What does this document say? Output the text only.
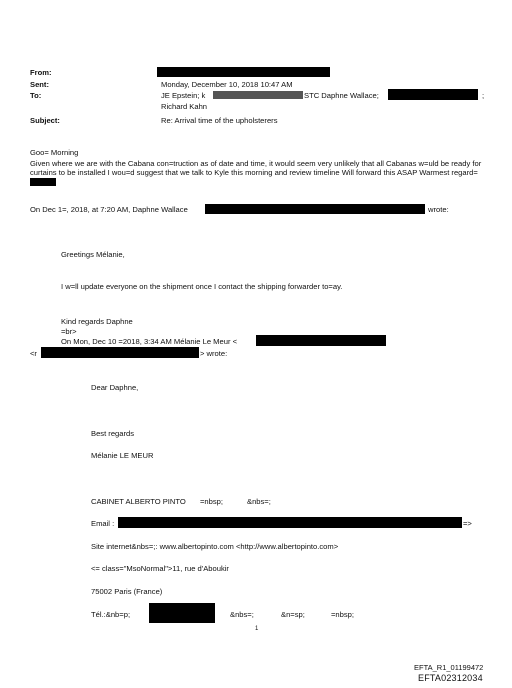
From:
Sent:	Monday, December 10, 2018 10:47 AM
To:	JE Epstein; k	STC Daphne Wallace;	;
Richard Kahn
Subject:	Re: Arrival time of the upholsterers
Goo= Morning
Given where we are with the Cabana con=truction as of date and time, it would seem very unlikely that all Cabanas w=uld be ready for curtains to be installed I wou=d suggest that we talk to Kyle this morning and review timeline Will forward this ASAP Warmest regard=
On Dec 1=, 2018, at 7:20 AM, Daphne Wallace	wrote:
Greetings Mélanie,
I w=ll update everyone on the shipment once I contact the shipping forwarder to=ay.
Kind regards Daphne
=br>
On Mon, Dec 10 =2018, 3:34 AM Mélanie Le Meur <
<r	> wrote:
Dear Daphne,
Best regards
Mélanie LE MEUR
CABINET ALBERTO PINTO =nbsp;	&nbs=;
Email :	=>
Site internet&nbs=;: www.albertopinto.com <http://www.albertopinto.com>
<= class="MsoNormal">11, rue d'Aboukir
75002 Paris (France)
Tél.:&nb=p;	&nbs=;	&n=sp;	=nbsp;
1
EFTA_R1_01199472
EFTA02312034
